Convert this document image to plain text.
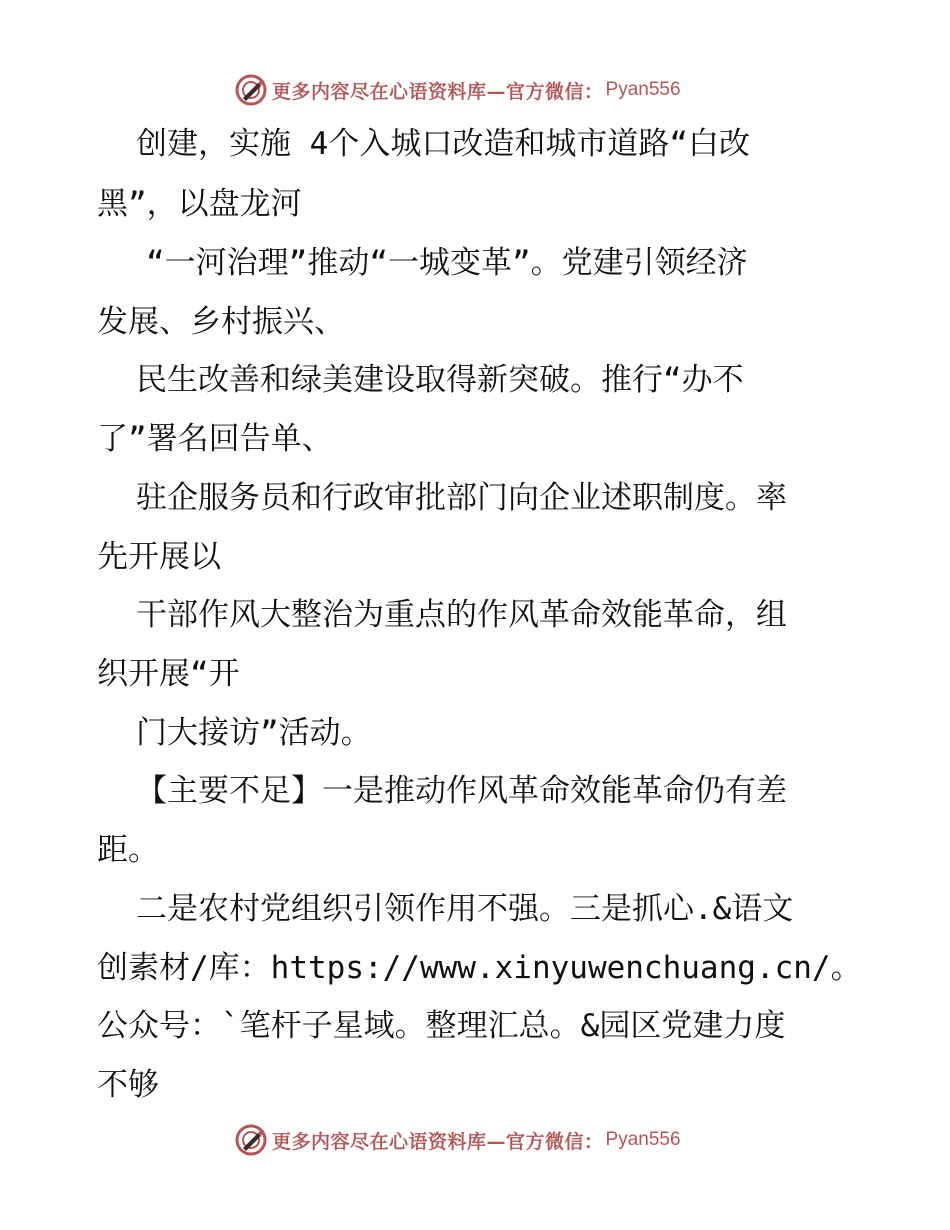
更多内容尽在心语资料库—官方微信： Pyan556
创建，实施 4个入城口改造和城市道路“白改
黑”，以盘龙河
“一河治理”推动“一城变革”。党建引领经济
发展、乡村振兴、
民生改善和绿美建设取得新突破。推行“办不
了”署名回告单、
驻企服务员和行政审批部门向企业述职制度。率
先开展以
干部作风大整治为重点的作风革命效能革命，组
织开展“开
门大接访”活动。
【主要不足】一是推动作风革命效能革命仍有差
距。
二是农村党组织引领作用不强。三是抓心.&语文
创素材/库：https://www.xinyuwenchuang.cn/。
公众号：`笔杆子星域。整理汇总。&园区党建力度
不够
更多内容尽在心语资料库—官方微信： Pyan556
